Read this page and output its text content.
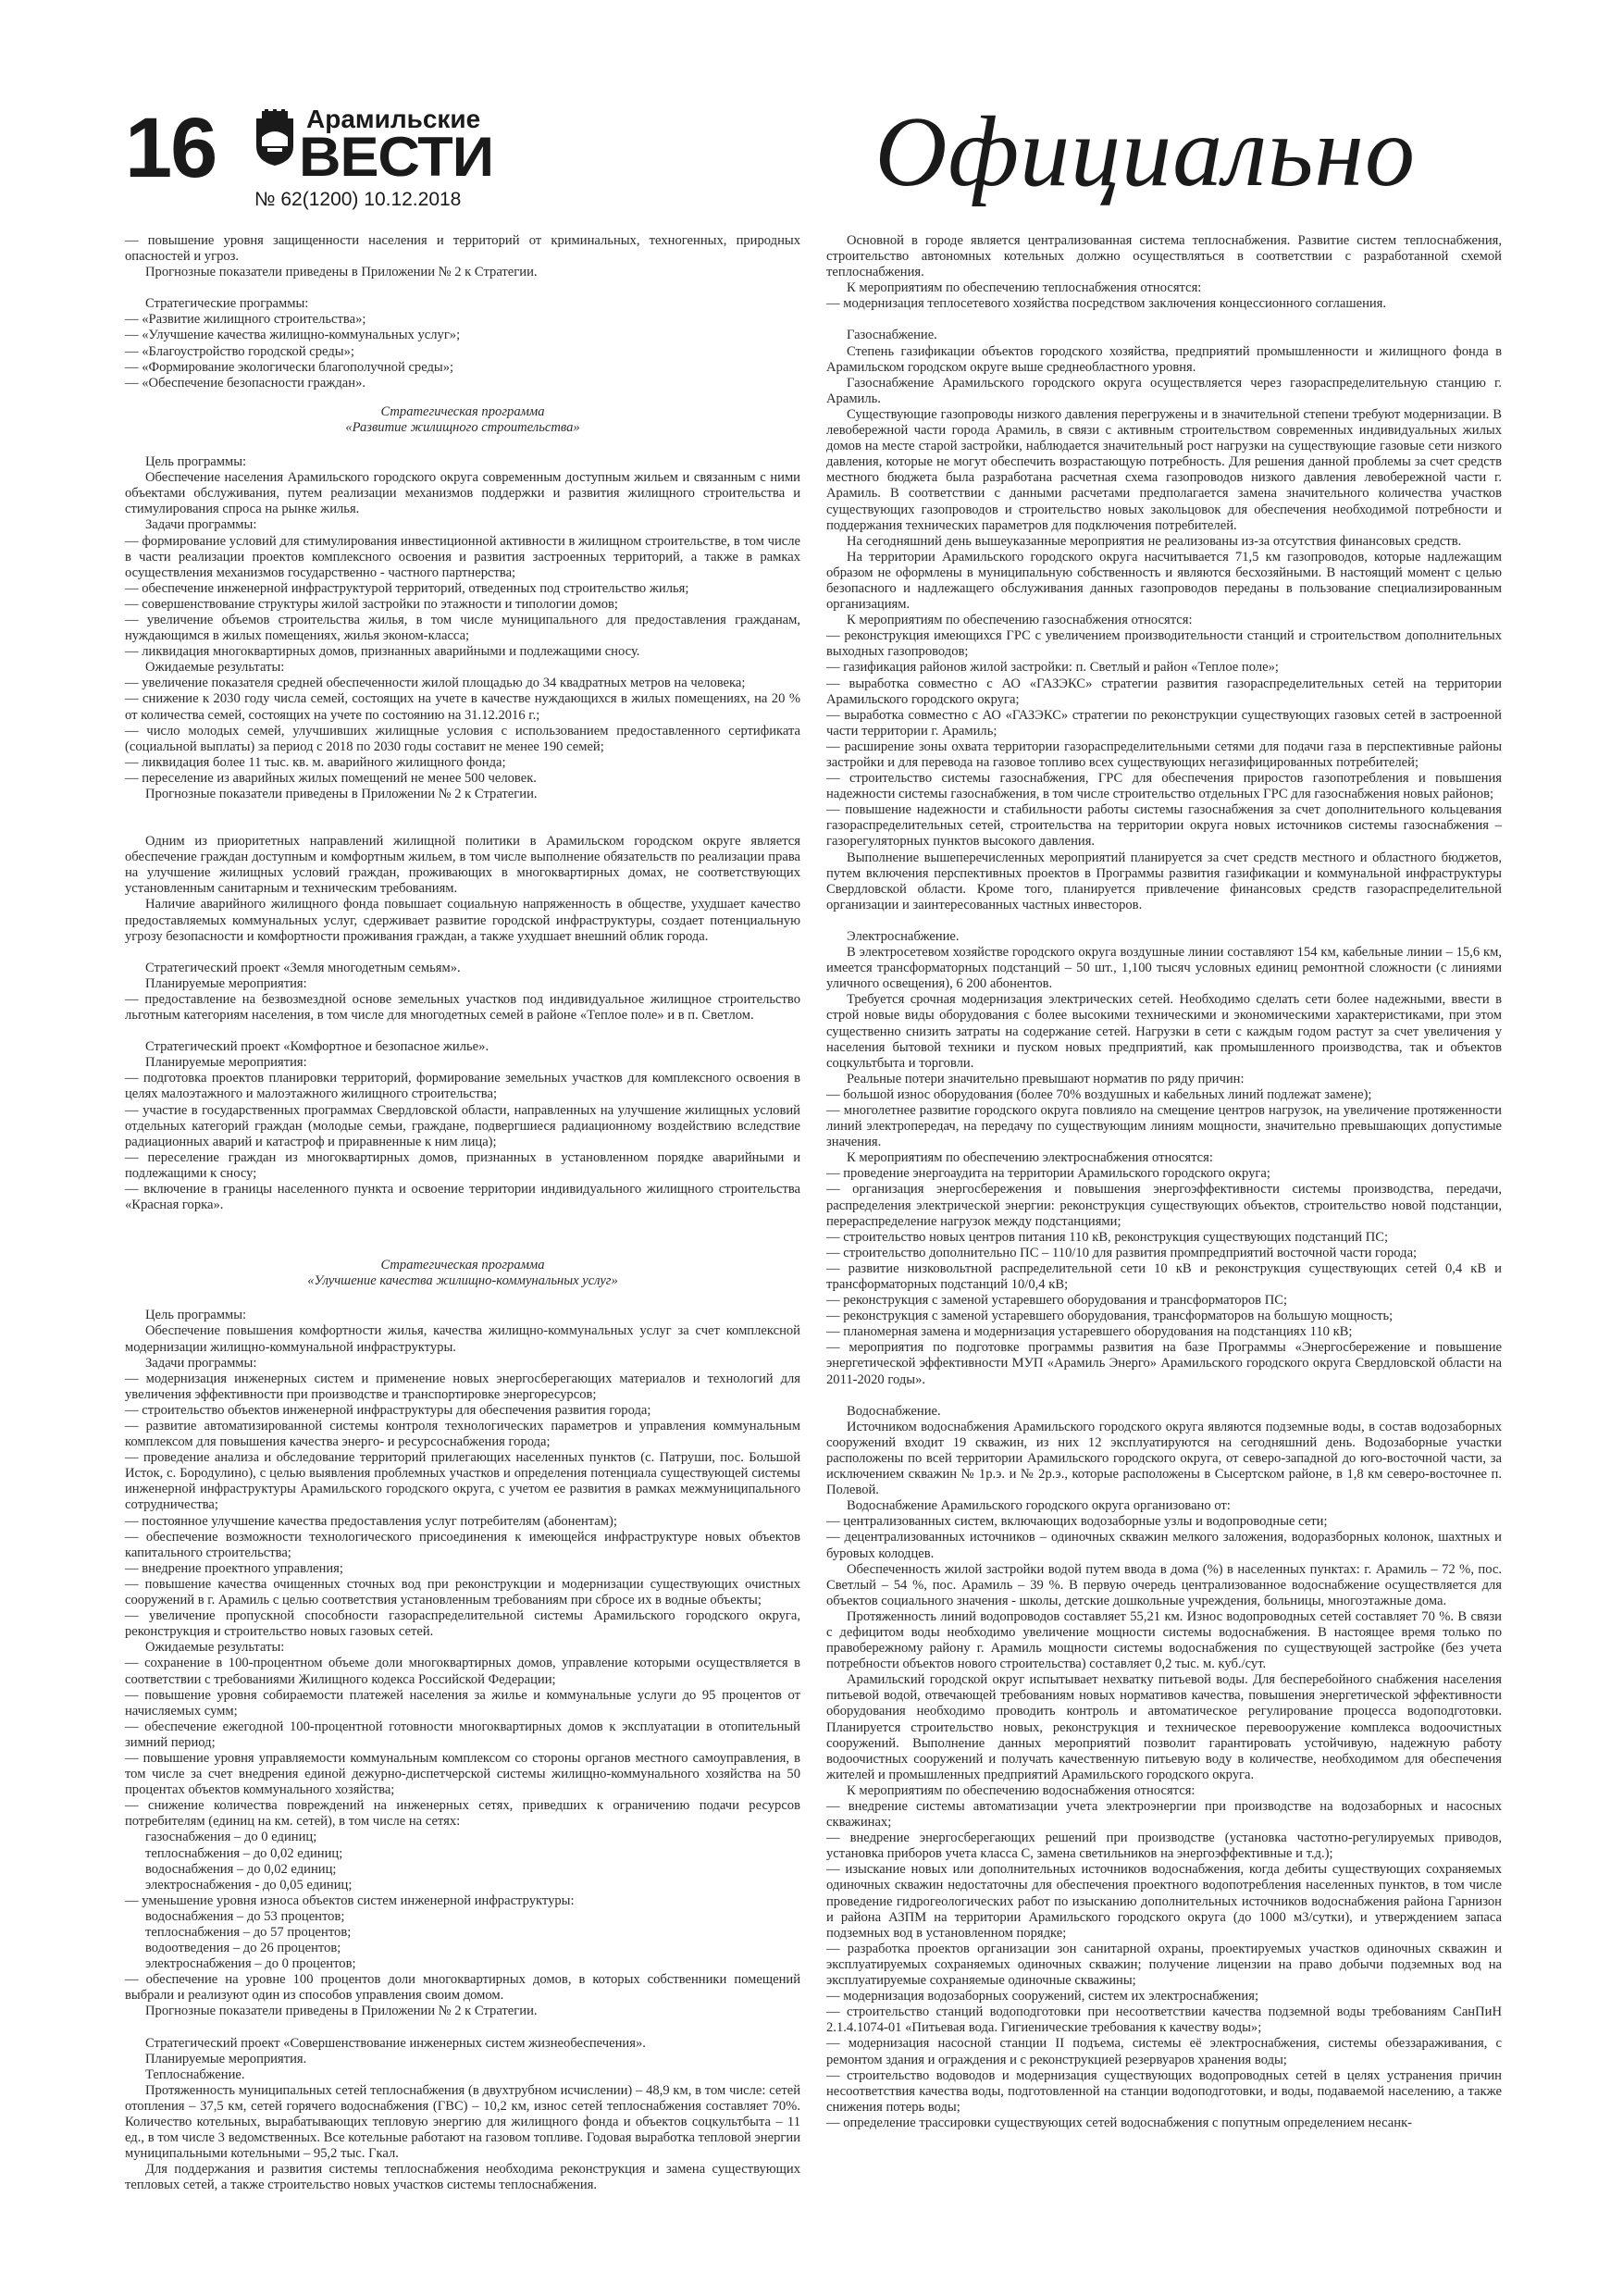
16	Арамильские
ВЕСТИ
№ 62(1200) 10.12.2018	Официально

— повышение уровня защищенности населения и территорий от криминальных, техногенных, природных опасностей и угроз.

Прогнозные показатели приведены в Приложении № 2 к Стратегии.

Стратегические программы:

— «Развитие жилищного строительства»;

— «Улучшение качества жилищно-коммунальных услуг»;

— «Благоустройство городской среды»;

— «Формирование экологически благополучной среды»;

— «Обеспечение безопасности граждан».

Стратегическая программа
«Развитие жилищного строительства»

Цель программы:

Обеспечение населения Арамильского городского округа современным доступным жильем и связанным с ними объектами обслуживания, путем реализации механизмов поддержки и развития жилищного строительства и стимулирования спроса на рынке жилья.

Задачи программы:

— формирование условий для стимулирования инвестиционной активности в жилищном строительстве, в том числе в части реализации проектов комплексного освоения и развития застроенных территорий, а также в рамках осуществления механизмов государственно - частного партнерства;

— обеспечение инженерной инфраструктурой территорий, отведенных под строительство жилья;

— совершенствование структуры жилой застройки по этажности и типологии домов;

— увеличение объемов строительства жилья, в том числе муниципального для предоставления гражданам, нуждающимся в жилых помещениях, жилья эконом-класса;

— ликвидация многоквартирных домов, признанных аварийными и подлежащими сносу.

Ожидаемые результаты:

— увеличение показателя средней обеспеченности жилой площадью до 34 квадратных метров на человека;

— снижение к 2030 году числа семей, состоящих на учете в качестве нуждающихся в жилых помещениях, на 20 % от количества семей, состоящих на учете по состоянию на 31.12.2016 г.;

— число молодых семей, улучшивших жилищные условия с использованием предоставленного сертификата (социальной выплаты) за период с 2018 по 2030 годы составит не менее 190 семей;

— ликвидация более 11 тыс. кв. м. аварийного жилищного фонда;

— переселение из аварийных жилых помещений не менее 500 человек.

Прогнозные показатели приведены в Приложении № 2 к Стратегии.

Одним из приоритетных направлений жилищной политики в Арамильском городском округе является обеспечение граждан доступным и комфортным жильем, в том числе выполнение обязательств по реализации права на улучшение жилищных условий граждан, проживающих в многоквартирных домах, не соответствующих установленным санитарным и техническим требованиям.

Наличие аварийного жилищного фонда повышает социальную напряженность в обществе, ухудшает качество предоставляемых коммунальных услуг, сдерживает развитие городской инфраструктуры, создает потенциальную угрозу безопасности и комфортности проживания граждан, а также ухудшает внешний облик города.

Стратегический проект «Земля многодетным семьям».

Планируемые мероприятия:

— предоставление на безвозмездной основе земельных участков под индивидуальное жилищное строительство льготным категориям населения, в том числе для многодетных семей в районе «Теплое поле» и в п. Светлом.

Стратегический проект «Комфортное и безопасное жилье».

Планируемые мероприятия:

— подготовка проектов планировки территорий, формирование земельных участков для комплексного освоения в целях малоэтажного и малоэтажного жилищного строительства;

— участие в государственных программах Свердловской области, направленных на улучшение жилищных условий отдельных категорий граждан (молодые семьи, граждане, подвергшиеся радиационному воздействию вследствие радиационных аварий и катастроф и приравненные к ним лица);

— переселение граждан из многоквартирных домов, признанных в установленном порядке аварийными и подлежащими к сносу;

— включение в границы населенного пункта и освоение территории индивидуального жилищного строительства «Красная горка».

Стратегическая программа
«Улучшение качества жилищно-коммунальных услуг»

Цель программы:

Обеспечение повышения комфортности жилья, качества жилищно-коммунальных услуг за счет комплексной модернизации жилищно-коммунальной инфраструктуры.

Задачи программы:

— модернизация инженерных систем и применение новых энергосберегающих материалов и технологий для увеличения эффективности при производстве и транспортировке энергоресурсов;

— строительство объектов инженерной инфраструктуры для обеспечения развития города;

— развитие автоматизированной системы контроля технологических параметров и управления коммунальным комплексом для повышения качества энерго- и ресурсоснабжения города;

— проведение анализа и обследование территорий прилегающих населенных пунктов (с. Патруши, пос. Большой Исток, с. Бородулино), с целью выявления проблемных участков и определения потенциала существующей системы инженерной инфраструктуры Арамильского городского округа, с учетом ее развития в рамках межмуниципального сотрудничества;

— постоянное улучшение качества предоставления услуг потребителям (абонентам);

— обеспечение возможности технологического присоединения к имеющейся инфраструктуре новых объектов капитального строительства;

— внедрение проектного управления;

— повышение качества очищенных сточных вод при реконструкции и модернизации существующих очистных сооружений в г. Арамиль с целью соответствия установленным требованиям при сбросе их в водные объекты;

— увеличение пропускной способности газораспределительной системы Арамильского городского округа, реконструкция и строительство новых газовых сетей.

Ожидаемые результаты:

— сохранение в 100-процентном объеме доли многоквартирных домов, управление которыми осуществляется в соответствии с требованиями Жилищного кодекса Российской Федерации;

— повышение уровня собираемости платежей населения за жилье и коммунальные услуги до 95 процентов от начисляемых сумм;

— обеспечение ежегодной 100-процентной готовности многоквартирных домов к эксплуатации в отопительный зимний период;

— повышение уровня управляемости коммунальным комплексом со стороны органов местного самоуправления, в том числе за счет внедрения единой дежурно-диспетчерской системы жилищно-коммунального хозяйства на 50 процентах объектов коммунального хозяйства;

— снижение количества повреждений на инженерных сетях, приведших к ограничению подачи ресурсов потребителям (единиц на км. сетей), в том числе на сетях:

газоснабжения – до 0 единиц;

теплоснабжения – до 0,02 единиц;

водоснабжения – до 0,02 единиц;

электроснабжения - до 0,05 единиц;

— уменьшение уровня износа объектов систем инженерной инфраструктуры:

водоснабжения – до 53 процентов;

теплоснабжения – до 57 процентов;

водоотведения – до 26 процентов;

электроснабжения – до 0 процентов;

— обеспечение на уровне 100 процентов доли многоквартирных домов, в которых собственники помещений выбрали и реализуют один из способов управления своим домом.

Прогнозные показатели приведены в Приложении № 2 к Стратегии.

Стратегический проект «Совершенствование инженерных систем жизнеобеспечения».

Планируемые мероприятия.

Теплоснабжение.

Протяженность муниципальных сетей теплоснабжения (в двухтрубном исчислении) – 48,9 км, в том числе: сетей отопления – 37,5 км, сетей горячего водоснабжения (ГВС) – 10,2 км, износ сетей теплоснабжения составляет 70%. Количество котельных, вырабатывающих тепловую энергию для жилищного фонда и объектов соцкультбыта – 11 ед., в том числе 3 ведомственных. Все котельные работают на газовом топливе. Годовая выработка тепловой энергии муниципальными котельными – 95,2 тыс. Гкал.

Для поддержания и развития системы теплоснабжения необходима реконструкция и замена существующих тепловых сетей, а также строительство новых участков системы теплоснабжения.

Основной в городе является централизованная система теплоснабжения. Развитие систем теплоснабжения, строительство автономных котельных должно осуществляться в соответствии с разработанной схемой теплоснабжения.

К мероприятиям по обеспечению теплоснабжения относятся:

— модернизация теплосетевого хозяйства посредством заключения концессионного соглашения.

Газоснабжение.

Степень газификации объектов городского хозяйства, предприятий промышленности и жилищного фонда в Арамильском городском округе выше среднеобластного уровня.

Газоснабжение Арамильского городского округа осуществляется через газораспределительную станцию г. Арамиль.

Существующие газопроводы низкого давления перегружены и в значительной степени требуют модернизации. В левобережной части города Арамиль, в связи с активным строительством современных индивидуальных жилых домов на месте старой застройки, наблюдается значительный рост нагрузки на существующие газовые сети низкого давления, которые не могут обеспечить возрастающую потребность. Для решения данной проблемы за счет средств местного бюджета была разработана расчетная схема газопроводов низкого давления левобережной части г. Арамиль. В соответствии с данными расчетами предполагается замена значительного количества участков существующих газопроводов и строительство новых закольцовок для обеспечения необходимой потребности и поддержания технических параметров для подключения потребителей.

На сегодняшний день вышеуказанные мероприятия не реализованы из-за отсутствия финансовых средств.

На территории Арамильского городского округа насчитывается 71,5 км газопроводов, которые надлежащим образом не оформлены в муниципальную собственность и являются бесхозяйными. В настоящий момент с целью безопасного и надлежащего обслуживания данных газопроводов переданы в пользование специализированным организациям.

К мероприятиям по обеспечению газоснабжения относятся:

— реконструкция имеющихся ГРС с увеличением производительности станций и строительством дополнительных выходных газопроводов;

— газификация районов жилой застройки: п. Светлый и район «Теплое поле»;

— выработка совместно с АО «ГАЗЭКС» стратегии развития газораспределительных сетей на территории Арамильского городского округа;

— выработка совместно с АО «ГАЗЭКС» стратегии по реконструкции существующих газовых сетей в застроенной части территории г. Арамиль;

— расширение зоны охвата территории газораспределительными сетями для подачи газа в перспективные районы застройки и для перевода на газовое топливо всех существующих негазифицированных потребителей;

— строительство системы газоснабжения, ГРС для обеспечения приростов газопотребления и повышения надежности системы газоснабжения, в том числе строительство отдельных ГРС для газоснабжения новых районов;

— повышение надежности и стабильности работы системы газоснабжения за счет дополнительного кольцевания газораспределительных сетей, строительства на территории округа новых источников системы газоснабжения – газорегуляторных пунктов высокого давления.

Выполнение вышеперечисленных мероприятий планируется за счет средств местного и областного бюджетов, путем включения перспективных проектов в Программы развития газификации и коммунальной инфраструктуры Свердловской области. Кроме того, планируется привлечение финансовых средств газораспределительной организации и заинтересованных частных инвесторов.

Электроснабжение.

В электросетевом хозяйстве городского округа воздушные линии составляют 154 км, кабельные линии – 15,6 км, имеется трансформаторных подстанций – 50 шт., 1,100 тысяч условных единиц ремонтной сложности (с линиями уличного освещения), 6 200 абонентов.

Требуется срочная модернизация электрических сетей. Необходимо сделать сети более надежными, ввести в строй новые виды оборудования с более высокими техническими и экономическими характеристиками, при этом существенно снизить затраты на содержание сетей. Нагрузки в сети с каждым годом растут за счет увеличения у населения бытовой техники и пуском новых предприятий, как промышленного производства, так и объектов соцкультбыта и торговли.

Реальные потери значительно превышают норматив по ряду причин:

— большой износ оборудования (более 70% воздушных и кабельных линий подлежат замене);

— многолетнее развитие городского округа повлияло на смещение центров нагрузок, на увеличение протяженности линий электропередач, на передачу по существующим линиям мощности, значительно превышающих допустимые значения.

К мероприятиям по обеспечению электроснабжения относятся:

— проведение энергоаудита на территории Арамильского городского округа;

— организация энергосбережения и повышения энергоэффективности системы производства, передачи, распределения электрической энергии: реконструкция существующих объектов, строительство новой подстанции, перераспределение нагрузок между подстанциями;

— строительство новых центров питания 110 кВ, реконструкция существующих подстанций ПС;

— строительство дополнительно ПС – 110/10 для развития промпредприятий восточной части города;

— развитие низковольтной распределительной сети 10 кВ и реконструкция существующих сетей 0,4 кВ и трансформаторных подстанций 10/0,4 кВ;

— реконструкция с заменой устаревшего оборудования и трансформаторов ПС;

— реконструкция с заменой устаревшего оборудования, трансформаторов на большую мощность;

— планомерная замена и модернизация устаревшего оборудования на подстанциях 110 кВ;

— мероприятия по подготовке программы развития на базе Программы «Энергосбережение и повышение энергетической эффективности МУП «Арамиль Энерго» Арамильского городского округа Свердловской области на 2011-2020 годы».

Водоснабжение.

Источником водоснабжения Арамильского городского округа являются подземные воды, в состав водозаборных сооружений входит 19 скважин, из них 12 эксплуатируются на сегодняшний день. Водозаборные участки расположены по всей территории Арамильского городского округа, от северо-западной до юго-восточной части, за исключением скважин № 1р.э. и № 2р.э., которые расположены в Сысертском районе, в 1,8 км северо-восточнее п. Полевой.

Водоснабжение Арамильского городского округа организовано от:

— централизованных систем, включающих водозаборные узлы и водопроводные сети;

— децентрализованных источников – одиночных скважин мелкого заложения, водоразборных колонок, шахтных и буровых колодцев.

Обеспеченность жилой застройки водой путем ввода в дома (%) в населенных пунктах: г. Арамиль – 72 %, пос. Светлый – 54 %, пос. Арамиль – 39 %. В первую очередь централизованное водоснабжение осуществляется для объектов социального значения - школы, детские дошкольные учреждения, больницы, многоэтажные дома.

Протяженность линий водопроводов составляет 55,21 км. Износ водопроводных сетей составляет 70 %. В связи с дефицитом воды необходимо увеличение мощности системы водоснабжения. В настоящее время только по правобережному району г. Арамиль мощности системы водоснабжения по существующей застройке (без учета потребности объектов нового строительства) составляет 0,2 тыс. м. куб./сут.

Арамильский городской округ испытывает нехватку питьевой воды. Для бесперебойного снабжения населения питьевой водой, отвечающей требованиям новых нормативов качества, повышения энергетической эффективности оборудования необходимо проводить контроль и автоматическое регулирование процесса водоподготовки. Планируется строительство новых, реконструкция и техническое перевооружение комплекса водоочистных сооружений. Выполнение данных мероприятий позволит гарантировать устойчивую, надежную работу водоочистных сооружений и получать качественную питьевую воду в количестве, необходимом для обеспечения жителей и промышленных предприятий Арамильского городского округа.

К мероприятиям по обеспечению водоснабжения относятся:

— внедрение системы автоматизации учета электроэнергии при производстве на водозаборных и насосных скважинах;

— внедрение энергосберегающих решений при производстве (установка частотно-регулируемых приводов, установка приборов учета класса С, замена светильников на энергоэффективные и т.д.);

— изыскание новых или дополнительных источников водоснабжения, когда дебиты существующих сохраняемых одиночных скважин недостаточны для обеспечения проектного водопотребления населенных пунктов, в том числе проведение гидрогеологических работ по изысканию дополнительных источников водоснабжения района Гарнизон и района АЗПМ на территории Арамильского городского округа (до 1000 м3/сутки), и утверждением запаса подземных вод в установленном порядке;

— разработка проектов организации зон санитарной охраны, проектируемых участков одиночных скважин и эксплуатируемых сохраняемых одиночных скважин; получение лицензии на право добычи подземных вод на эксплуатируемые сохраняемые одиночные скважины;

— модернизация водозаборных сооружений, систем их электроснабжения;

— строительство станций водоподготовки при несоответствии качества подземной воды требованиям СанПиН 2.1.4.1074-01 «Питьевая вода. Гигиенические требования к качеству воды»;

— модернизация насосной станции II подъема, системы её электроснабжения, системы обеззараживания, с ремонтом здания и ограждения и с реконструкцией резервуаров хранения воды;

— строительство водоводов и модернизация существующих водопроводных сетей в целях устранения причин несоответствия качества воды, подготовленной на станции водоподготовки, и воды, подаваемой населению, а также снижения потерь воды;

— определение трассировки существующих сетей водоснабжения с попутным определением несанк-
